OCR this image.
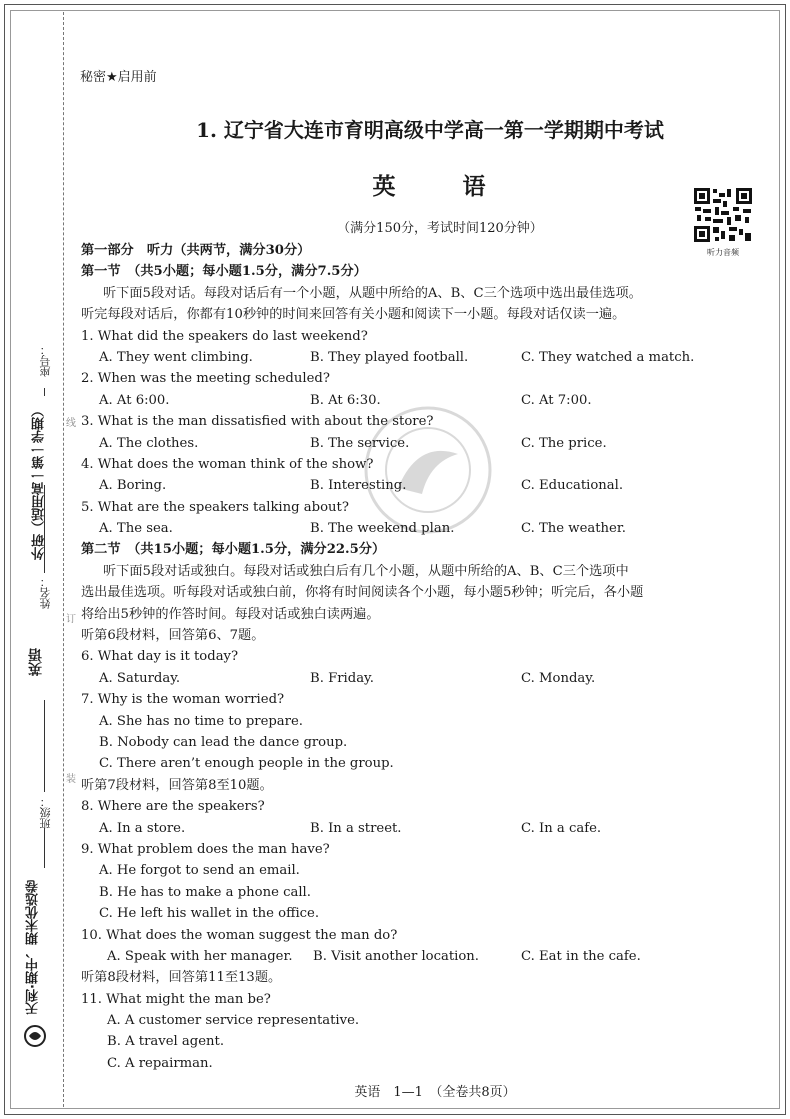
线
订
装
座号：
外研（适用高一第一学期）
姓名：
英语
班级：
天利·期中、期末优选卷
秘密★启用前
1. 辽宁省大连市育明高级中学高一第一学期期中考试
英　语
（满分150分，考试时间120分钟）
听力音频
第一部分　听力（共两节，满分30分）
第一节　（共5小题；每小题1.5分，满分7.5分）
听下面5段对话。每段对话后有一个小题，从题中所给的A、B、C三个选项中选出最佳选项。
听完每段对话后，你都有10秒钟的时间来回答有关小题和阅读下一小题。每段对话仅读一遍。
1. What did the speakers do last weekend?
A. They went climbing.	B. They played football.	C. They watched a match.
2. When was the meeting scheduled?
A. At 6:00.	B. At 6:30.	C. At 7:00.
3. What is the man dissatisfied with about the store?
A. The clothes.	B. The service.	C. The price.
4. What does the woman think of the show?
A. Boring.	B. Interesting.	C. Educational.
5. What are the speakers talking about?
A. The sea.	B. The weekend plan.	C. The weather.
第二节　（共15小题；每小题1.5分，满分22.5分）
听下面5段对话或独白。每段对话或独白后有几个小题，从题中所给的A、B、C三个选项中
选出最佳选项。听每段对话或独白前，你将有时间阅读各个小题，每小题5秒钟；听完后，各小题
将给出5秒钟的作答时间。每段对话或独白读两遍。
听第6段材料，回答第6、7题。
6. What day is it today?
A. Saturday.	B. Friday.	C. Monday.
7. Why is the woman worried?
A. She has no time to prepare.
B. Nobody can lead the dance group.
C. There aren’t enough people in the group.
听第7段材料，回答第8至10题。
8. Where are the speakers?
A. In a store.	B. In a street.	C. In a cafe.
9. What problem does the man have?
A. He forgot to send an email.
B. He has to make a phone call.
C. He left his wallet in the office.
10. What does the woman suggest the man do?
A. Speak with her manager. B. Visit another location.	C. Eat in the cafe.
听第8段材料，回答第11至13题。
11. What might the man be?
A. A customer service representative.
B. A travel agent.
C. A repairman.
英语　1—1　（全卷共8页）
